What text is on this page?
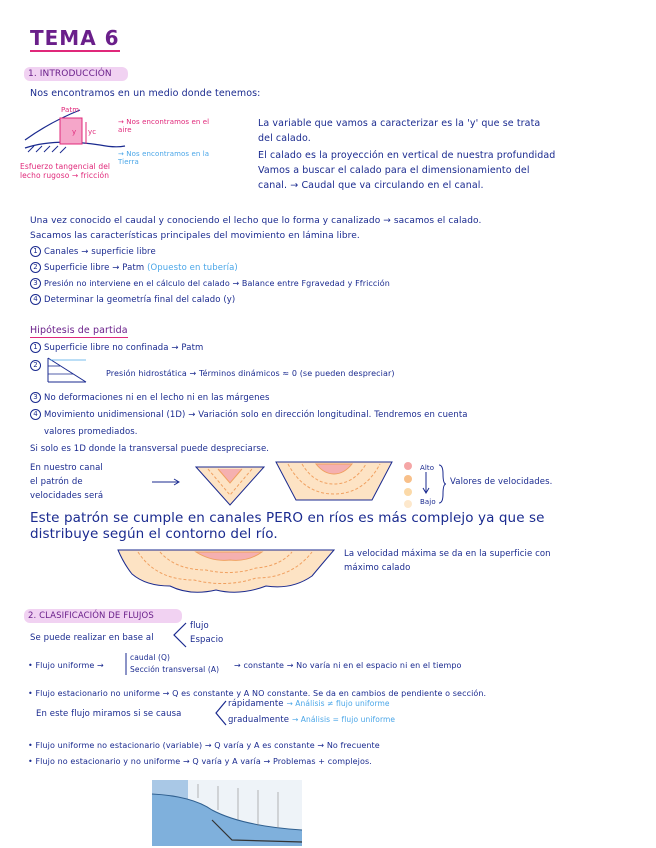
TEMA 6
1. INTRODUCCIÓN
Nos encontramos en un medio donde tenemos:
Patm
y yc
→ Nos encontramos en el aire
→ Nos encontramos en la Tierra
Esfuerzo tangencial del lecho rugoso → fricción
La variable que vamos a caracterizar es la 'y' que se trata
del calado.
El calado es la proyección en vertical de nuestra profundidad
Vamos a buscar el calado para el dimensionamiento del
canal. → Caudal que va circulando en el canal.
Una vez conocido el caudal y conociendo el lecho que lo forma y canalizado → sacamos el calado.
Sacamos las características principales del movimiento en lámina libre.
1 Canales → superficie libre
2 Superficie libre → Patm (Opuesto en tubería)
3 Presión no interviene en el cálculo del calado → Balance entre Fgravedad y Ffricción
4 Determinar la geometría final del calado (y)
Hipótesis de partida
1 Superficie libre no confinada → Patm
2
Presión hidrostática → Términos dinámicos ≈ 0 (se pueden despreciar)
3 No deformaciones ni en el lecho ni en las márgenes
4 Movimiento unidimensional (1D) → Variación solo en dirección longitudinal. Tendremos en cuenta
valores promediados.
Si solo es 1D donde la transversal puede despreciarse.
En nuestro canal
el patrón de
velocidades será
Alto
Bajo
Valores de velocidades.
Este patrón se cumple en canales PERO en ríos es más complejo ya que se
distribuye según el contorno del río.
La velocidad máxima se da en la superficie con
máximo calado
2. CLASIFICACIÓN DE FLUJOS
Se puede realizar en base al
flujo
Espacio
• Flujo uniforme →
caudal (Q)
Sección transversal (A) → constante → No varía ni en el espacio ni en el tiempo
• Flujo estacionario no uniforme → Q es constante y A NO constante. Se da en cambios de pendiente o sección.
En este flujo miramos si se causa
rápidamente → Análisis ≠ flujo uniforme
gradualmente → Análisis = flujo uniforme
• Flujo uniforme no estacionario (variable) → Q varía y A es constante → No frecuente
• Flujo no estacionario y no uniforme → Q varía y A varía → Problemas + complejos.
